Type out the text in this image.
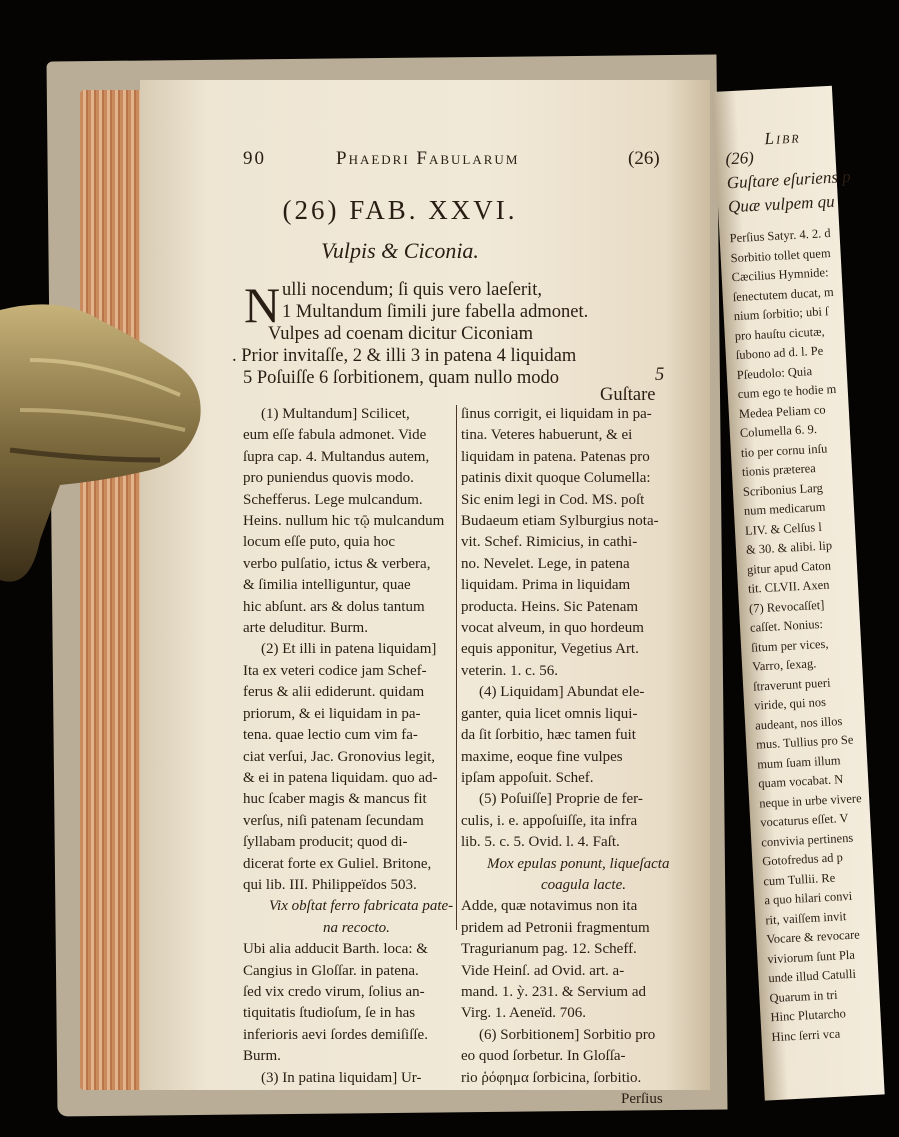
Libr
(26)
Guſtare eſuriens p
Quæ vulpem qu
Perſius Satyr. 4. 2. d
Sorbitio tollet quem
Cæcilius Hymnide:
ſenectutem ducat, m
nium ſorbitio; ubi ſ
pro hauſtu cicutæ,
ſubono ad d. l. Pe
Pſeudolo: Quia
cum ego te hodie m
Medea Peliam co
Columella 6. 9.
tio per cornu inſu
tionis præterea
Scribonius Larg
num medicarum
LIV. & Celſus l
& 30. & alibi. lip
gitur apud Caton
tit. CLVII. Axen
(7) Revocaſſet]
caſſet. Nonius:
ſitum per vices,
Varro, ſexag.
ſtraverunt pueri
viride, qui nos
audeant, nos illos
mus. Tullius pro Se
mum ſuam illum
quam vocabat. N
neque in urbe vivere
vocaturus eſſet. V
convivia pertinens
Gotofredus ad p
cum Tullii. Re
a quo hilari convi
rit, vaiſſem invit
Vocare & revocare
viviorum ſunt Pla
unde illud Catulli
Quarum in tri
Hinc Plutarcho
Hinc ſerri vca
90	Phaedri Fabularum	(26)
(26) FAB. XXVI.
Vulpis & Ciconia.
N ulli nocendum; ſi quis vero laeſerit,
1 Multandum ſimili jure fabella admonet.
Vulpes ad coenam dicitur Ciconiam
. Prior invitaſſe, 2 & illi 3 in patena 4 liquidam
5 Poſuiſſe 6 ſorbitionem, quam nullo modo	5
Guſtare
(1) Multandum] Scilicet,
eum eſſe fabula admonet. Vide
ſupra cap. 4. Multandus autem,
pro puniendus quovis modo.
Schefferus. Lege mulcandum.
Heins. nullum hic τῷ mulcandum
locum eſſe puto, quia hoc
verbo pulſatio, ictus & verbera,
& ſimilia intelliguntur, quae
hic abſunt. ars & dolus tantum
arte deluditur. Burm.
(2) Et illi in patena liquidam]
Ita ex veteri codice jam Schef-
ferus & alii ediderunt. quidam
priorum, & ei liquidam in pa-
tena. quae lectio cum vim fa-
ciat verſui, Jac. Gronovius legit,
& ei in patena liquidam. quo ad-
huc ſcaber magis & mancus fit
verſus, niſi patenam ſecundam
ſyllabam producit; quod di-
dicerat forte ex Guliel. Britone,
qui lib. III. Philippeïdos 503.
Vix obſtat ferro fabricata pate-
na recocto.
Ubi alia adducit Barth. loca: &
Cangius in Gloſſar. in patena.
ſed vix credo virum, ſolius an-
tiquitatis ſtudioſum, ſe in has
inferioris aevi ſordes demiſiſſe.
Burm.
(3) In patina liquidam] Ur-
ſinus corrigit, ei liquidam in pa-
tina. Veteres habuerunt, & ei
liquidam in patena. Patenas pro
patinis dixit quoque Columella:
Sic enim legi in Cod. MS. poſt
Budaeum etiam Sylburgius nota-
vit. Schef. Rimicius, in cathi-
no. Nevelet. Lege, in patena
liquidam. Prima in liquidam
producta. Heins. Sic Patenam
vocat alveum, in quo hordeum
equis apponitur, Vegetius Art.
veterin. 1. c. 56.
(4) Liquidam] Abundat ele-
ganter, quia licet omnis liqui-
da ſit ſorbitio, hæc tamen fuit
maxime, eoque fine vulpes
ipſam appoſuit. Schef.
(5) Poſuiſſe] Proprie de fer-
culis, i. e. appoſuiſſe, ita infra
lib. 5. c. 5. Ovid. l. 4. Faſt.
Mox epulas ponunt, liqueſacta
coagula lacte.
Adde, quæ notavimus non ita
pridem ad Petronii fragmentum
Tragurianum pag. 12. Scheff.
Vide Heinſ. ad Ovid. art. a-
mand. 1. ỳ. 231. & Servium ad
Virg. 1. Aeneïd. 706.
(6) Sorbitionem] Sorbitio pro
eo quod ſorbetur. In Gloſſa-
rio ῥόφημα ſorbicina, ſorbitio.
Perſius
